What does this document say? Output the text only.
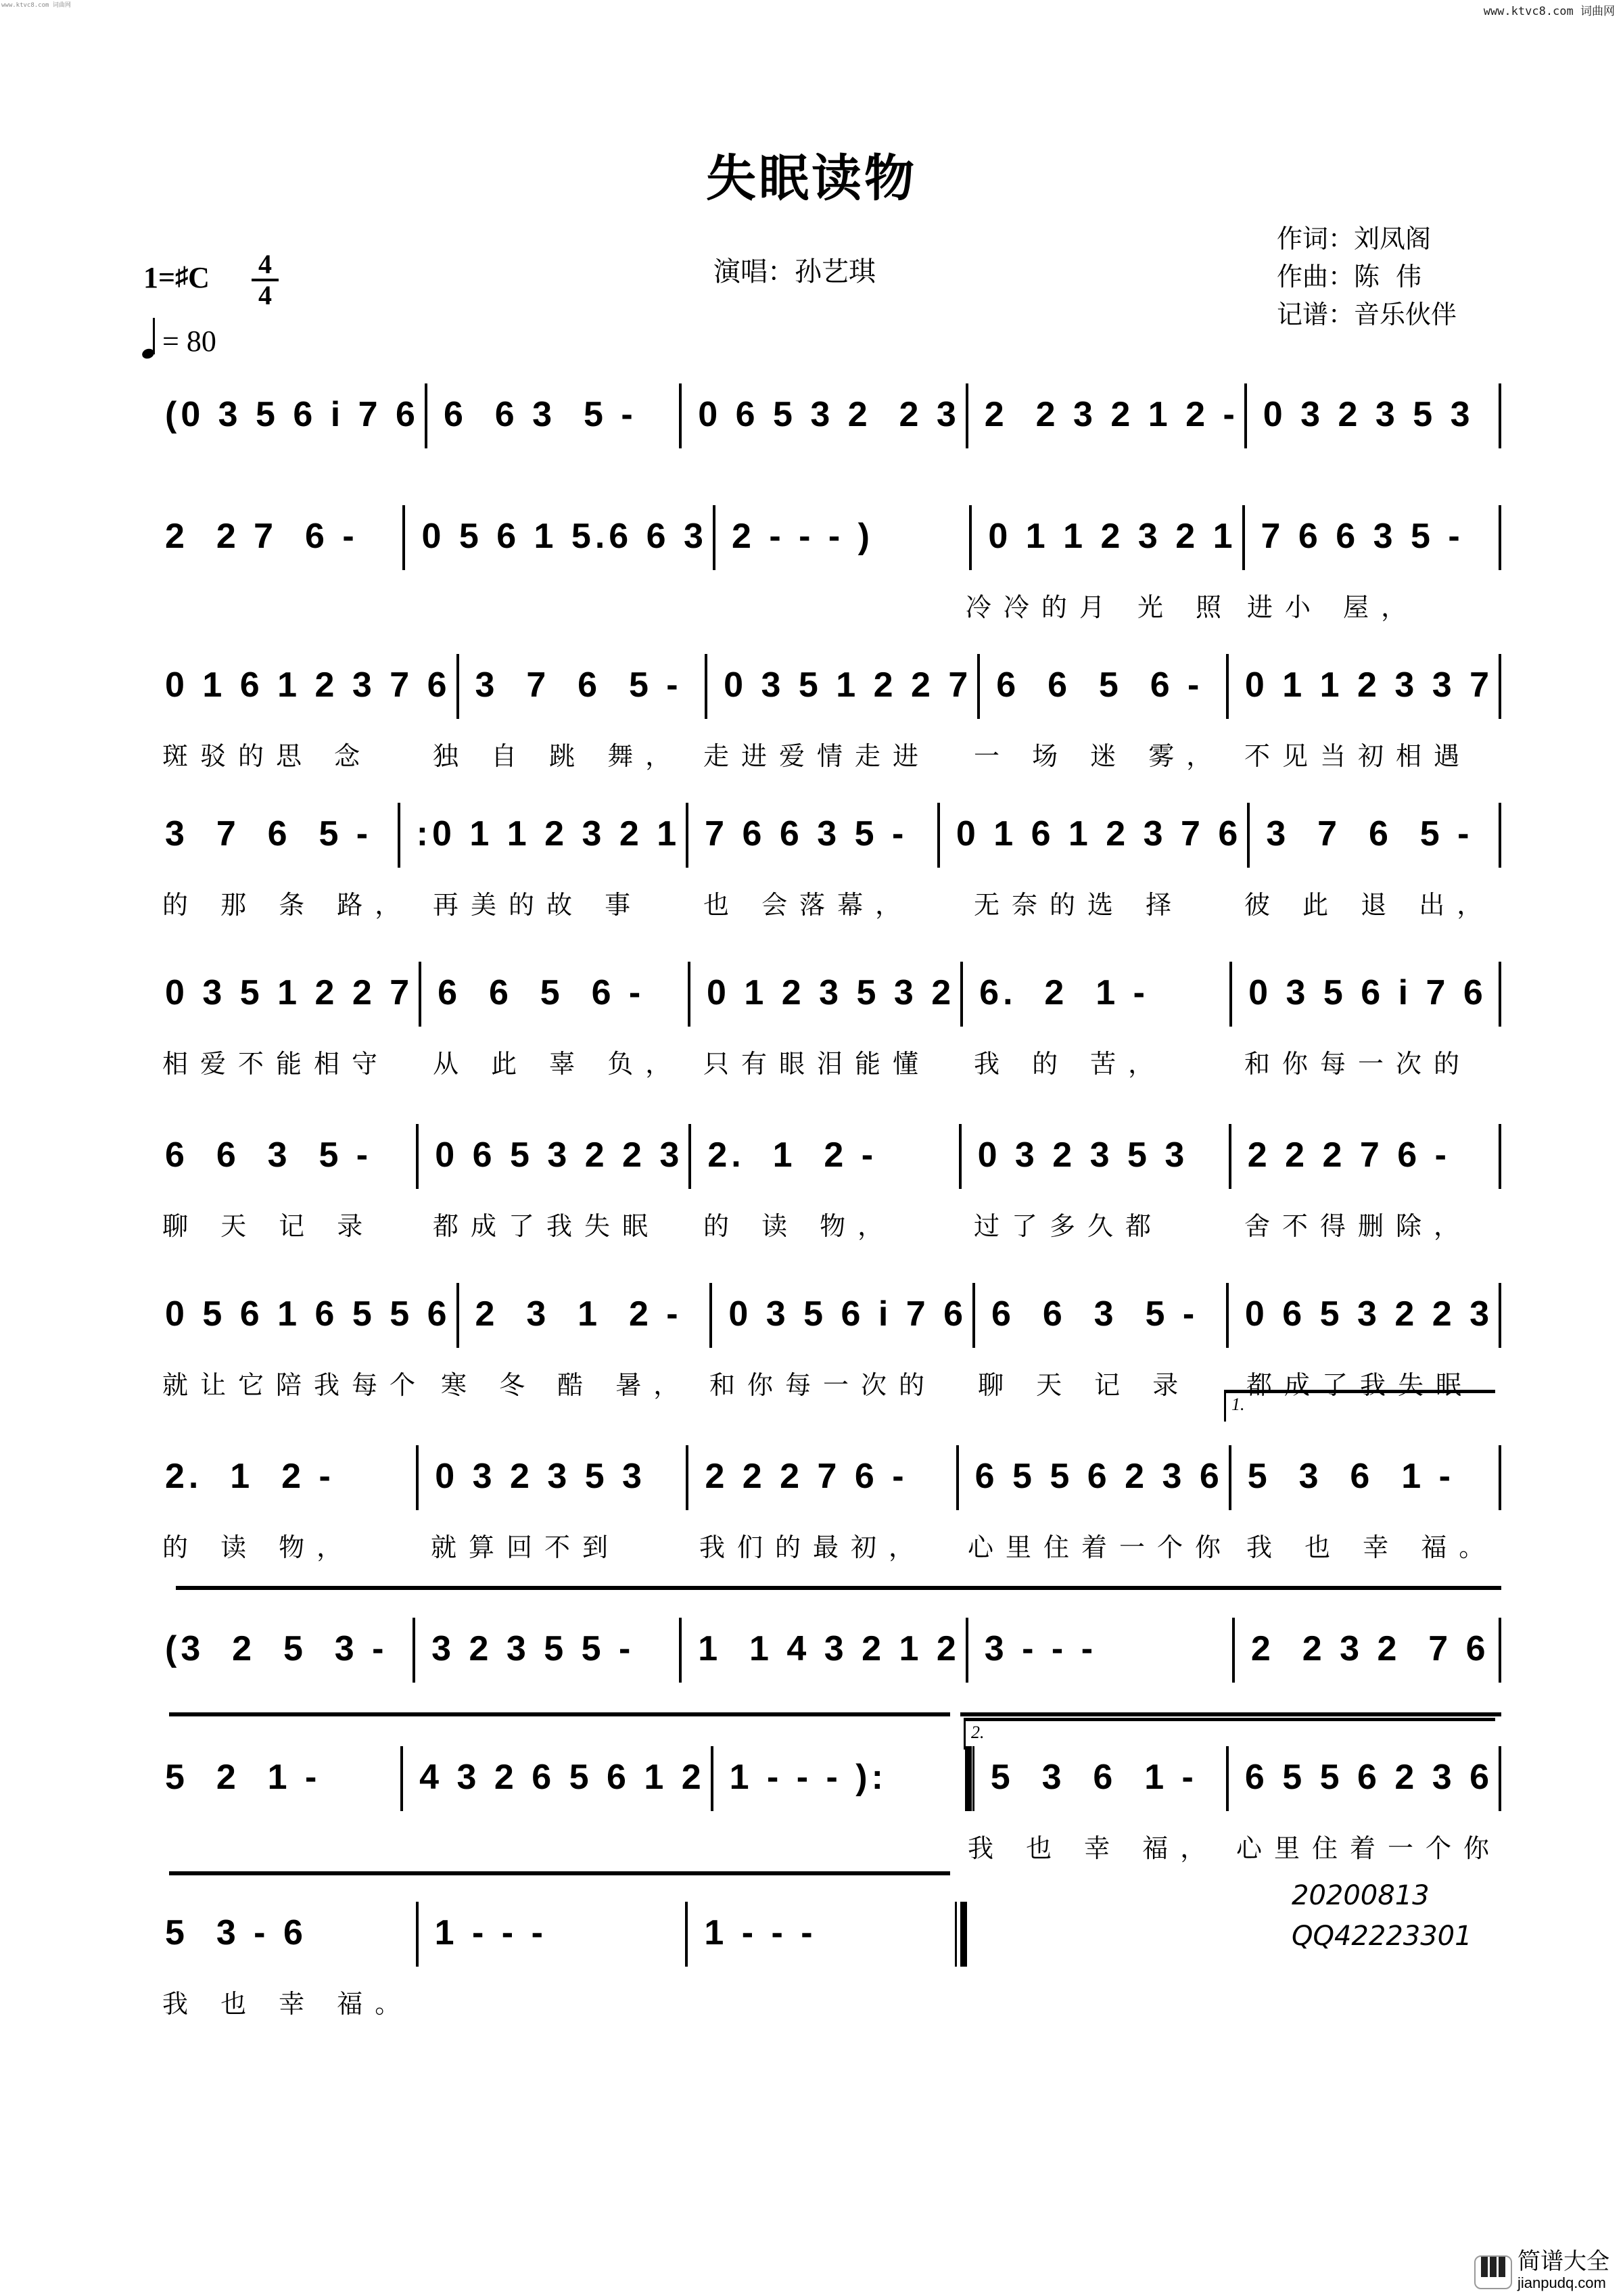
www.ktvc8.com 词曲网	www.ktvc8.com 词曲网
失眠读物
1=♯C 4
4
= 80
演唱：孙艺琪
作词：刘凤阁
作曲：陈  伟
记谱：音乐伙伴
(0 3 5 6 i 7 6 6  6 3  5 -	0 6 5 3 2  2 3 2  2 3 2 1 2 - 0 3 2 3 5 3
2  2 7  6 -	0 5 6 1 5.6 6 3 2 - - - )	0 1 1 2 3 2 1 7 6 6 3 5 -
冷冷的月 光 照 进小 屋，
0 1 6 1 2 3 7 6 3  7  6  5 -	0 3 5 1 2 2 7 6  6  5  6 -	0 1 1 2 3 3 7
斑驳的思 念	独 自 跳 舞， 走进爱情走进	一 场 迷 雾， 不见当初相遇
3  7  6  5 -	:0 1 1 2 3 2 1 7 6 6 3 5 -	0 1 6 1 2 3 7 6 3  7  6  5 -
的 那 条 路， 再美的故 事	也 会落幕，	无奈的选 择	彼 此 退 出，
0 3 5 1 2 2 7 6  6  5  6 -	0 1 2 3 5 3 2 6.  2  1 -	0 3 5 6 i 7 6
相爱不能相守	从 此 辜 负， 只有眼泪能懂	我 的 苦，	和你每一次的
6  6  3  5 -	0 6 5 3 2 2 3 2.  1  2 -	0 3 2 3 5 3	2 2 2 7 6 -
聊 天 记 录	都成了我失眠	的 读 物，	过了多久都	舍不得删除，
0 5 6 1 6 5 5 6 2  3  1  2 -	0 3 5 6 i 7 6 6  6  3  5 -	0 6 5 3 2 2 3
就让它陪我每个 寒 冬 酷 暑， 和你每一次的	聊 天 记 录	都成了我失眠
2.  1  2 -	0 3 2 3 5 3	2 2 2 7 6 -	6 5 5 6 2 3 6 5  3  6  1 -
的 读 物，	就算回不到	我们的最初，	心里住着一个你 我 也 幸 福。
1.
(3  2  5  3 -	3 2 3 5 5 -	1  1 4 3 2 1 2 3 - - -	2  2 3 2  7 6
5  2  1 -	4 3 2 6 5 6 1 2 1 - - - ):	5  3  6  1 -	6 5 5 6 2 3 6
我 也 幸 福， 心里住着一个你
2.
5  3 - 6	1 - - -	1 - - -
我 也 幸 福。
20200813
QQ42223301
简谱大全
jianpudq.com
